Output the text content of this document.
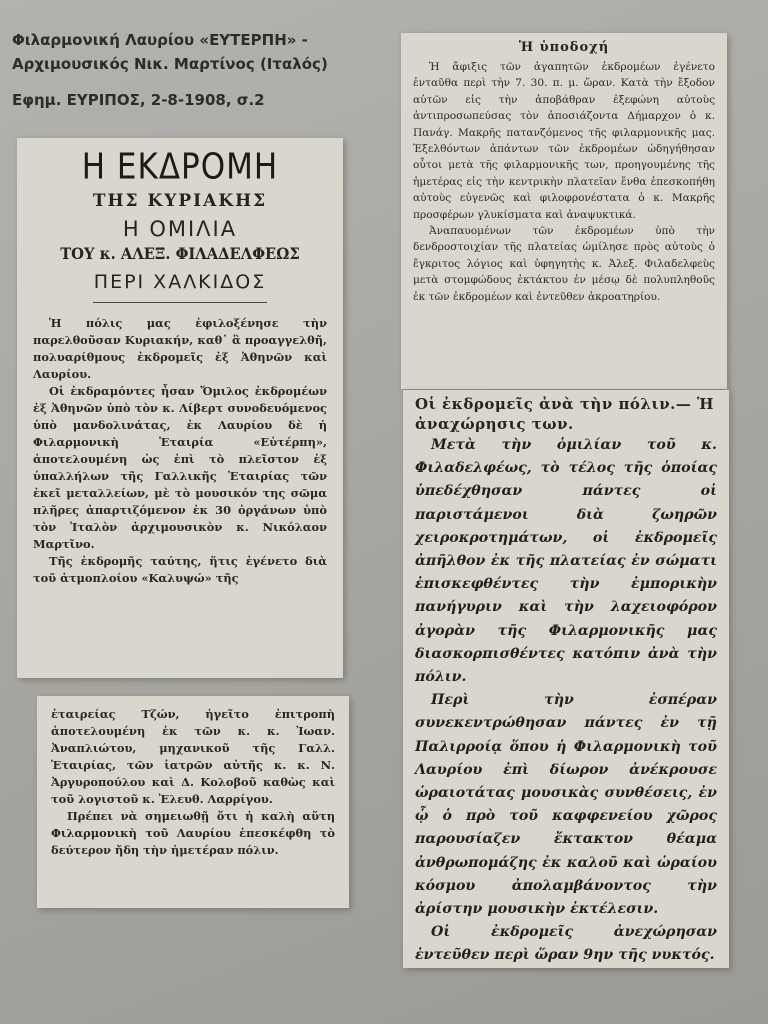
Φιλαρμονική Λαυρίου «ΕΥΤΕΡΠΗ» -
Αρχιμουσικός Νικ. Μαρτίνος (Ιταλός)
Εφημ. ΕΥΡΙΠΟΣ, 2-8-1908, σ.2
Η ΕΚΔΡΟΜΗ
ΤΗΣ ΚΥΡΙΑΚΗΣ
Η ΟΜΙΛΙΑ
ΤΟΥ κ. ΑΛΕΞ. ΦΙΛΑΔΕΛΦΕΩΣ
ΠΕΡΙ ΧΑΛΚΙΔΟΣ

Ἡ πόλις μας ἐφιλοξένησε τὴν παρελθοῦσαν Κυριακήν, καθ᾽ ἃ προαγγελθῆ, πολυαρίθμους ἐκδρομεῖς ἐξ Ἀθηνῶν καὶ Λαυρίου.

Οἱ ἐκδραμόντες ἦσαν Ὅμιλος ἐκδρομέων ἐξ Ἀθηνῶν ὑπὸ τὸν κ. Λίβερτ συνοδευόμενος ὑπὸ μανδολινάτας, ἐκ Λαυρίου δὲ ἡ Φιλαρμονικὴ Ἑταιρία «Εὐτέρπη», ἀποτελουμένη ὡς ἐπὶ τὸ πλεῖστον ἐξ ὑπαλλήλων τῆς Γαλλικῆς Ἑταιρίας τῶν ἐκεῖ μεταλλείων, μὲ τὸ μουσικόν της σῶμα πλῆρες ἀπαρτιζόμενον ἐκ 30 ὀργάνων ὑπὸ τὸν Ἰταλὸν ἀρχιμουσικὸν κ. Νικόλαον Μαρτῖνο.

Τῆς ἐκδρομῆς ταύτης, ἥτις ἐγένετο διὰ τοῦ ἀτμοπλοίου «Καλυψώ» τῆς

ἑταιρείας Τζών, ἡγεῖτο ἐπιτροπὴ ἀποτελουμένη ἐκ τῶν κ. κ. Ἰωαν. Ἀναπλιώτου, μηχανικοῦ τῆς Γαλλ. Ἑταιρίας, τῶν ἰατρῶν αὐτῆς κ. κ. Ν. Ἀργυροπούλου καὶ Δ. Κολοβοῦ καθὼς καὶ τοῦ λογιστοῦ κ. Ἐλευθ. Λαρρίγου.

Πρέπει νὰ σημειωθῇ ὅτι ἡ καλὴ αὕτη Φιλαρμονικὴ τοῦ Λαυρίου ἐπεσκέφθη τὸ δεύτερον ἤδη τὴν ἡμετέραν πόλιν.

Ἡ ὑποδοχή

Ἡ ἄφιξις τῶν ἀγαπητῶν ἐκδρομέων ἐγένετο ἐνταῦθα περὶ τὴν 7. 30. π. μ. ὥραν. Κατὰ τὴν ἔξοδον αὐτῶν εἰς τὴν ἀποβάθραν ἐξεφώνη αὐτοὺς ἀντιπροσωπεύσας τὸν ἀποσιάζοντα Δήμαρχον ὁ κ. Πανάγ. Μακρῆς πατανζόμενος τῆς φιλαρμονικῆς μας. Ἐξελθόντων ἁπάντων τῶν ἐκδρομέων ὡδηγήθησαν οὗτοι μετὰ τῆς φιλαρμονικῆς των, προηγουμένης τῆς ἡμετέρας εἰς τὴν κεντρικὴν πλατεῖαν ἔνθα ἐπεσκοπήθη αὐτοὺς εὐγενῶς καὶ φιλοφρονέστατα ὁ κ. Μακρῆς προσφέρων γλυκίσματα καὶ ἀναψυκτικά.

Ἀναπαυομένων τῶν ἐκδρομέων ὑπὸ τὴν δενδροστοιχίαν τῆς πλατείας ὡμίλησε πρὸς αὐτοὺς ὁ ἔγκριτος λόγιος καὶ ὑφηγητὴς κ. Ἀλεξ. Φιλαδελφεὺς μετὰ στομφώδους ἐκτάκτου ἐν μέσῳ δὲ πολυπληθοῦς ἐκ τῶν ἐκδρομέων καὶ ἐντεῦθεν ἀκροατηρίου.

Οἱ ἐκδρομεῖς ἀνὰ τὴν πόλιν.— Ἡ ἀναχώρησις των.

Μετὰ τὴν ὁμιλίαν τοῦ κ. Φιλαδελφέως, τὸ τέλος τῆς ὁποίας ὑπεδέχθησαν πάντες οἱ παριστάμενοι διὰ ζωηρῶν χειροκροτημάτων, οἱ ἐκδρομεῖς ἀπῆλθον ἐκ τῆς πλατείας ἐν σώματι ἐπισκεφθέντες τὴν ἐμπορικὴν πανήγυριν καὶ τὴν λαχειοφόρον ἀγορὰν τῆς Φιλαρμονικῆς μας διασκορπισθέντες κατόπιν ἀνὰ τὴν πόλιν.

Περὶ τὴν ἑσπέραν συνεκεντρώθησαν πάντες ἐν τῇ Παλιρροίᾳ ὅπου ἡ Φιλαρμονικὴ τοῦ Λαυρίου ἐπὶ δίωρον ἀνέκρουσε ὡραιοτάτας μουσικὰς συνθέσεις, ἐν ᾧ ὁ πρὸ τοῦ καφφενείου χῶρος παρουσίαζεν ἔκτακτον θέαμα ἀνθρωπομάζης ἐκ καλοῦ καὶ ὡραίου κόσμου ἀπολαμβάνοντος τὴν ἀρίστην μουσικὴν ἐκτέλεσιν.

Οἱ ἐκδρομεῖς ἀνεχώρησαν ἐντεῦθεν περὶ ὥραν 9ην τῆς νυκτός.
